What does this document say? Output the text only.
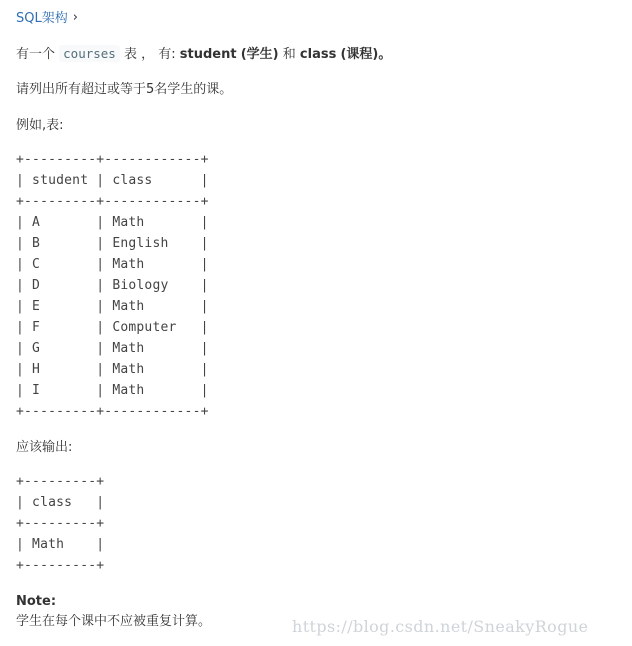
SQL架构 ›
有一个 courses 表 ， 有: student (学生) 和 class (课程)。
请列出所有超过或等于5名学生的课。
例如,表:
+---------+------------+
| student | class      |
+---------+------------+
| A       | Math       |
| B       | English    |
| C       | Math       |
| D       | Biology    |
| E       | Math       |
| F       | Computer   |
| G       | Math       |
| H       | Math       |
| I       | Math       |
+---------+------------+
应该输出:
+---------+
| class   |
+---------+
| Math    |
+---------+
Note:
学生在每个课中不应被重复计算。	https://blog.csdn.net/SneakyRogue
